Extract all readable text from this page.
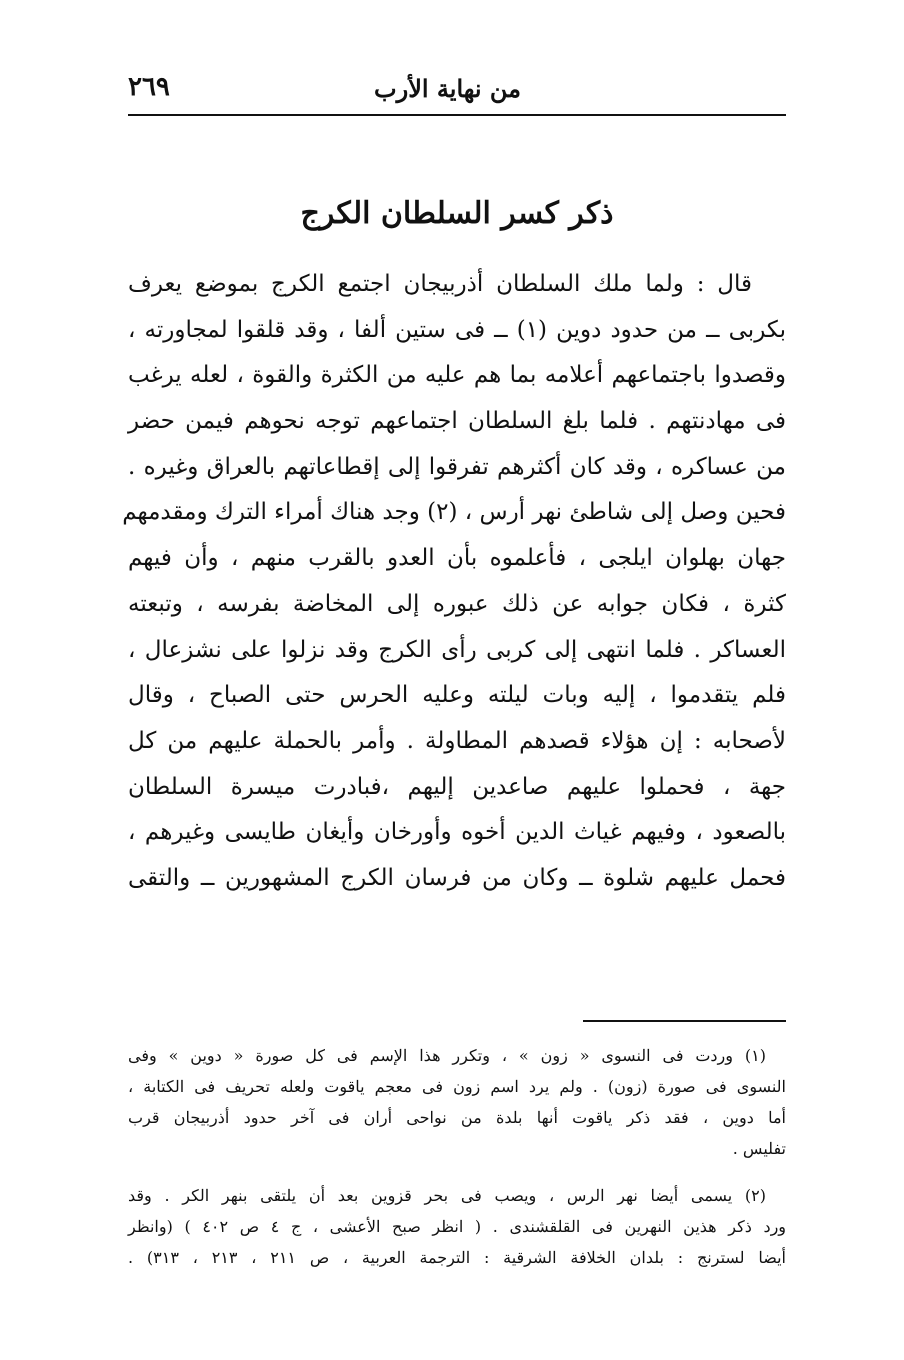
من نهاية الأرب
٢٦٩
ذكر كسر السلطان الكرج
قال : ولما ملك السلطان أذربيجان اجتمع الكرج بموضع يعرف
بكربى ــ من حدود دوين (١) ــ فى ستين ألفا ، وقد قلقوا لمجاورته ،
وقصدوا باجتماعهم أعلامه بما هم عليه من الكثرة والقوة ، لعله يرغب
فى مهادنتهم . فلما بلغ السلطان اجتماعهم توجه نحوهم فيمن حضر
من عساكره ، وقد كان أكثرهم تفرقوا إلى إقطاعاتهم بالعراق وغيره .
فحين وصل إلى شاطئ نهر أرس ، (٢) وجد هناك أمراء الترك ومقدمهم
جهان بهلوان ايلجى ، فأعلموه بأن العدو بالقرب منهم ، وأن فيهم
كثرة ، فكان جوابه عن ذلك عبوره إلى المخاضة بفرسه ، وتبعته
العساكر . فلما انتهى إلى كربى رأى الكرج وقد نزلوا على نشزعال ،
فلم يتقدموا ، إليه وبات ليلته وعليه الحرس حتى الصباح ، وقال
لأصحابه : إن هؤلاء قصدهم المطاولة . وأمر بالحملة عليهم من كل
جهة ، فحملوا عليهم صاعدين إليهم ،فبادرت ميسرة السلطان
بالصعود ، وفيهم غياث الدين أخوه وأورخان وأيغان طايسى وغيرهم ،
فحمل عليهم شلوة ــ وكان من فرسان الكرج المشهورين ــ والتقى
(١) وردت فى النسوى « زون » ، وتكرر هذا الإسم فى كل صورة « دوين » وفى
النسوى فى صورة (زون) . ولم يرد اسم زون فى معجم ياقوت ولعله تحريف فى الكتابة ،
أما دوين ، فقد ذكر ياقوت أنها بلدة من نواحى أران فى آخر حدود أذربيجان قرب
تفليس .
(٢) يسمى أيضا نهر الرس ، ويصب فى بحر قزوين بعد أن يلتقى بنهر الكر . وقد
ورد ذكر هذين النهرين فى القلقشندى . ( انظر صبح الأعشى ، ج ٤ ص ٤٠٢ ) (وانظر
أيضا لسترنج : بلدان الخلافة الشرقية : الترجمة العربية ، ص ٢١١ ، ٢١٣ ، ٣١٣) .
